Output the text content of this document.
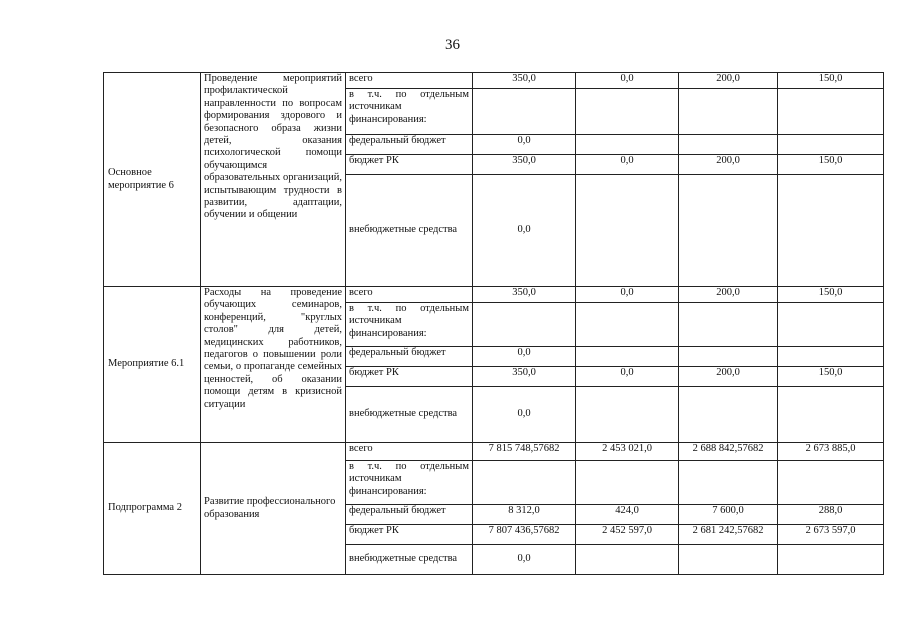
36
Основное мероприятие 6	Проведение мероприятий профилактической направленности по вопросам формирования здорового и безопасного образа жизни детей, оказания психологической помощи обучающимся образовательных организаций, испытывающим трудности в развитии, адаптации, обучении и общении	всего	350,0	0,0	200,0	150,0
		в т.ч. по отдельным источникам финансирования:				
		федеральный бюджет	0,0			
		бюджет РК	350,0	0,0	200,0	150,0
		внебюджетные средства	0,0			
Мероприятие 6.1	Расходы на проведение обучающих семинаров, конференций, "круглых столов" для детей, медицинских работников, педагогов о повышении роли семьи, о пропаганде семейных ценностей, об оказании помощи детям в кризисной ситуации	всего	350,0	0,0	200,0	150,0
		в т.ч. по отдельным источникам финансирования:				
		федеральный бюджет	0,0			
		бюджет РК	350,0	0,0	200,0	150,0
		внебюджетные средства	0,0			
Подпрограмма 2	Развитие профессионального образования	всего	7 815 748,57682	2 453 021,0	2 688 842,57682	2 673 885,0
		в т.ч. по отдельным источникам финансирования:				
		федеральный бюджет	8 312,0	424,0	7 600,0	288,0
		бюджет РК	7 807 436,57682	2 452 597,0	2 681 242,57682	2 673 597,0
		внебюджетные средства	0,0			
